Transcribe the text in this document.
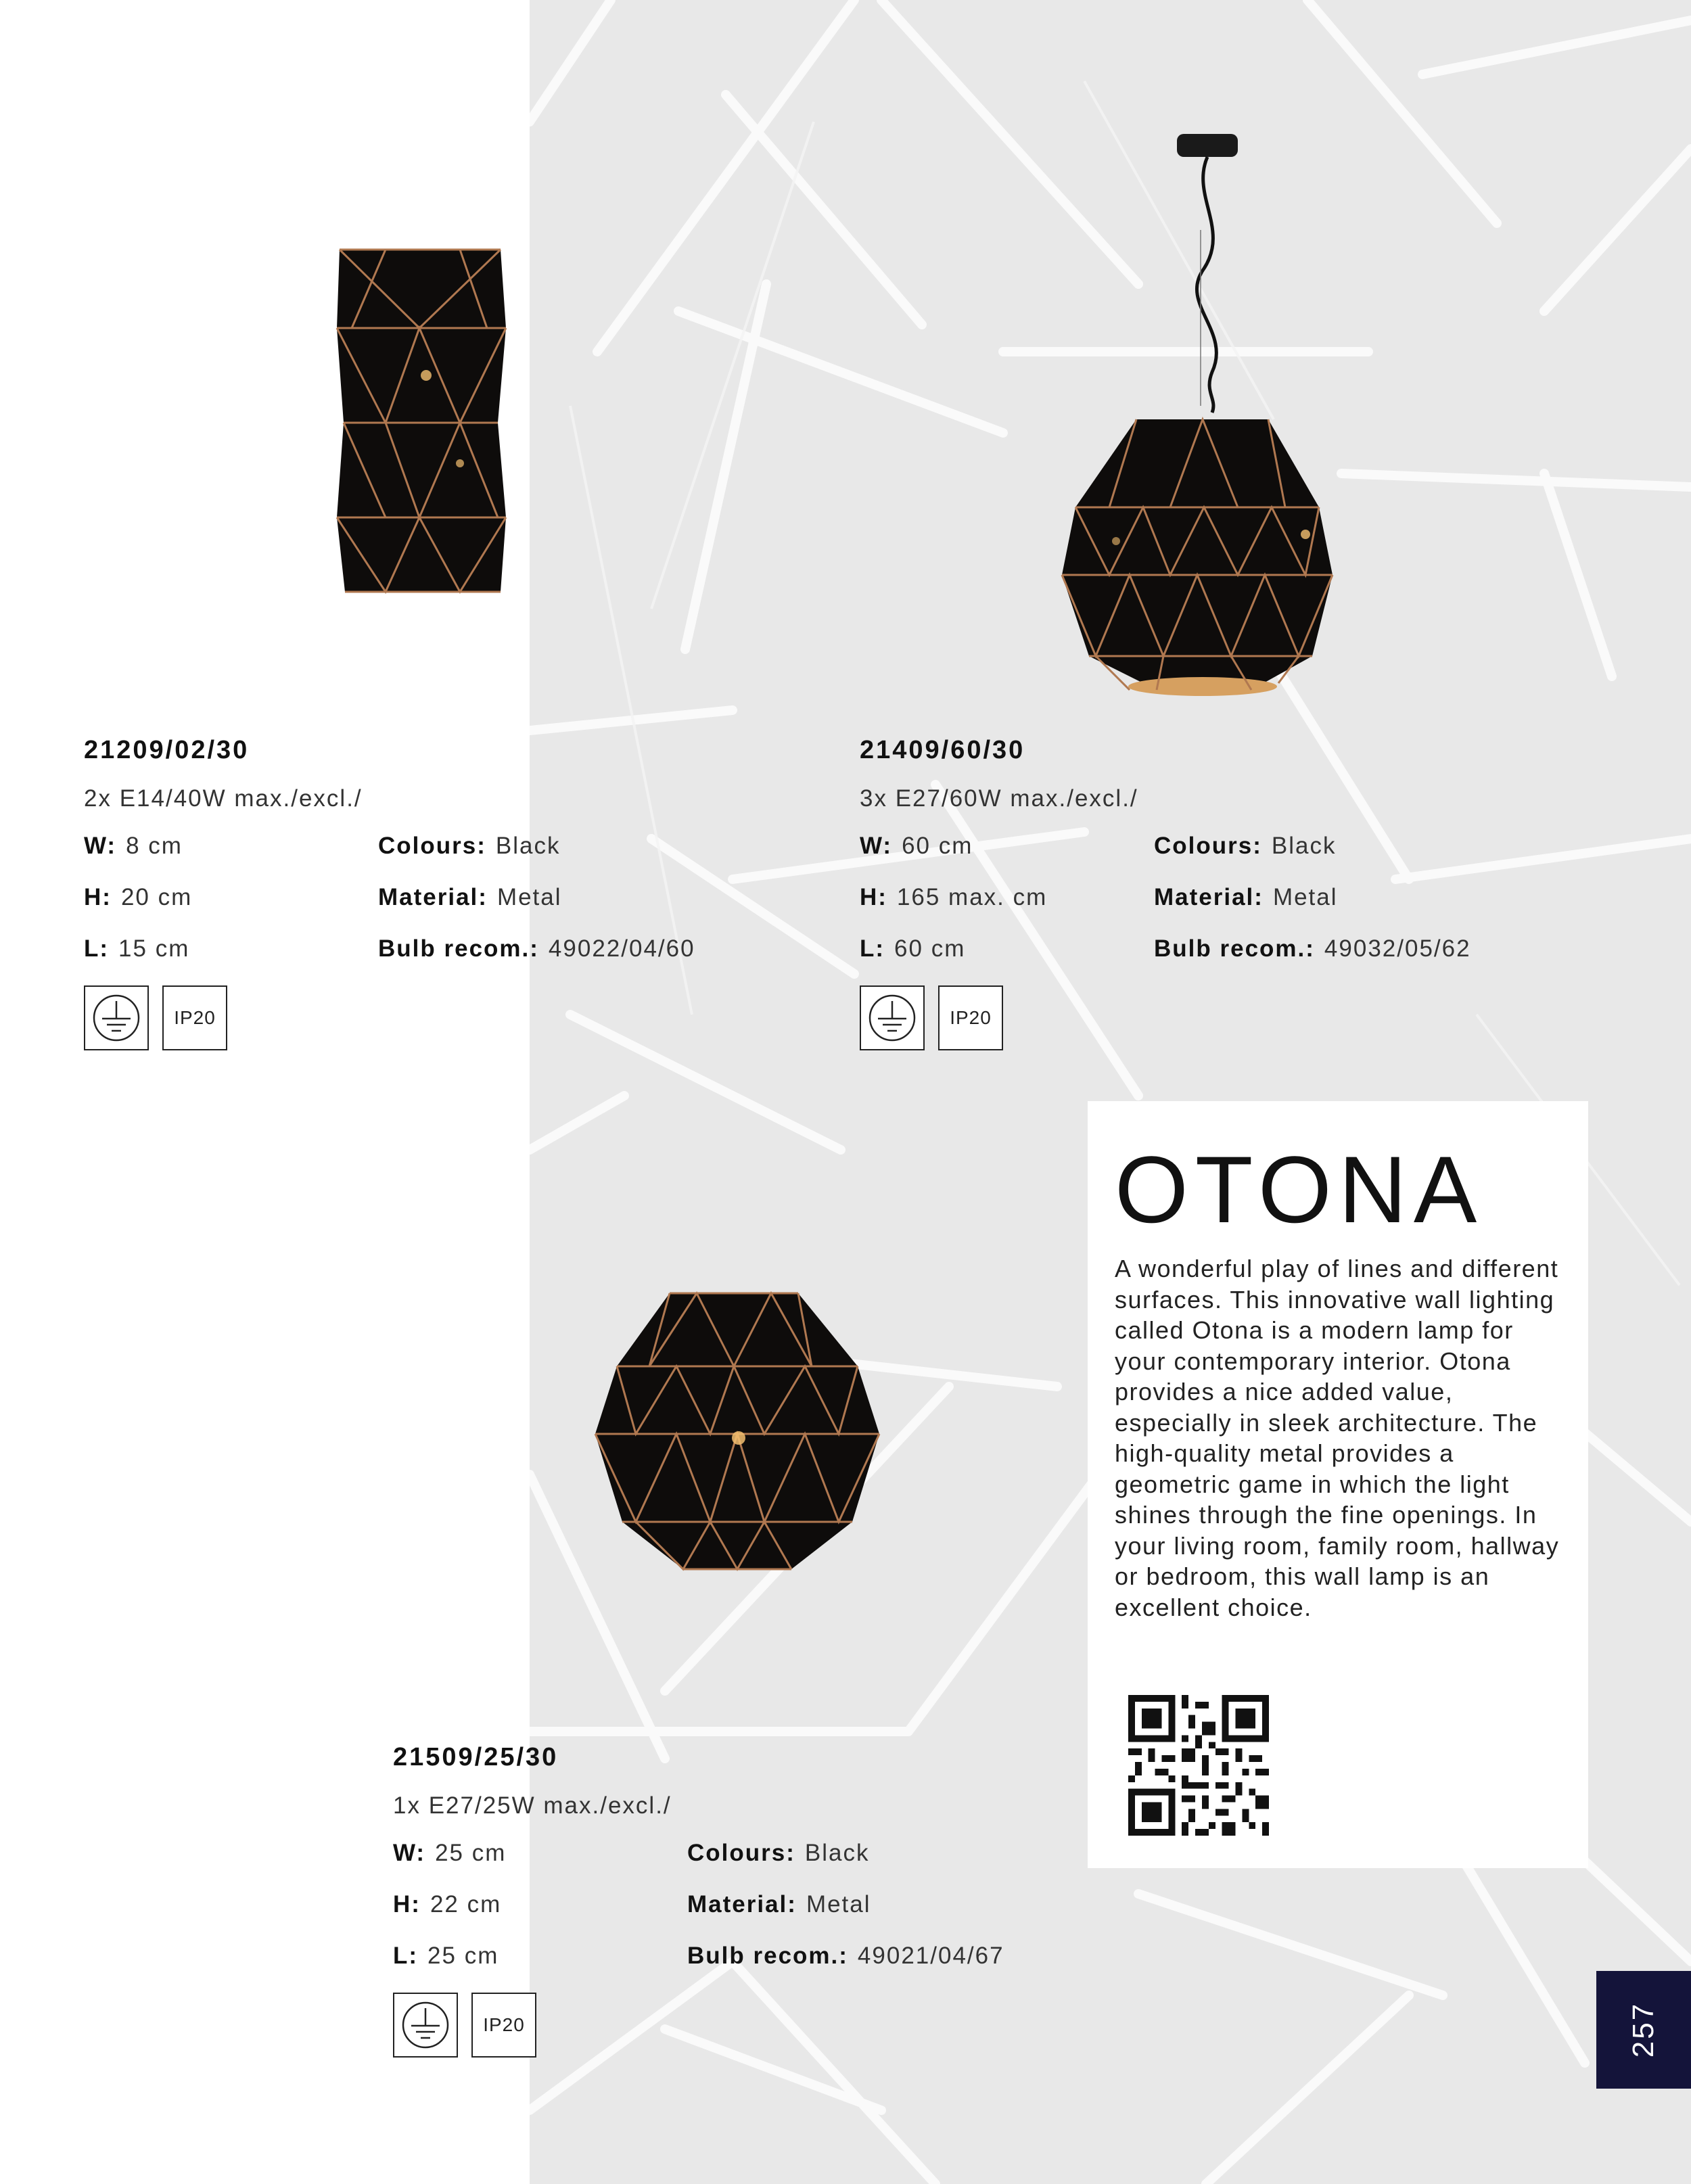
21209/02/30

2x E14/40W max./excl./
W: 8 cm	Colours: Black
H: 20 cm	Material: Metal
L: 15 cm	Bulb recom.: 49022/04/60
IP20

21409/60/30

3x E27/60W max./excl./
W: 60 cm	Colours: Black
H: 165 max. cm	Material: Metal
L: 60 cm	Bulb recom.: 49032/05/62
IP20

21509/25/30

1x E27/25W max./excl./
W: 25 cm	Colours: Black
H: 22 cm	Material: Metal
L: 25 cm	Bulb recom.: 49021/04/67
IP20
OTONA

A wonderful play of lines and different surfaces. This innovative wall lighting called Otona is a modern lamp for your contemporary interior. Otona provides a nice added value, especially in sleek architecture. The high-quality metal provides a geometric game in which the light shines through the fine openings. In your living room, family room, hallway or bedroom, this wall lamp is an excellent choice.

257
